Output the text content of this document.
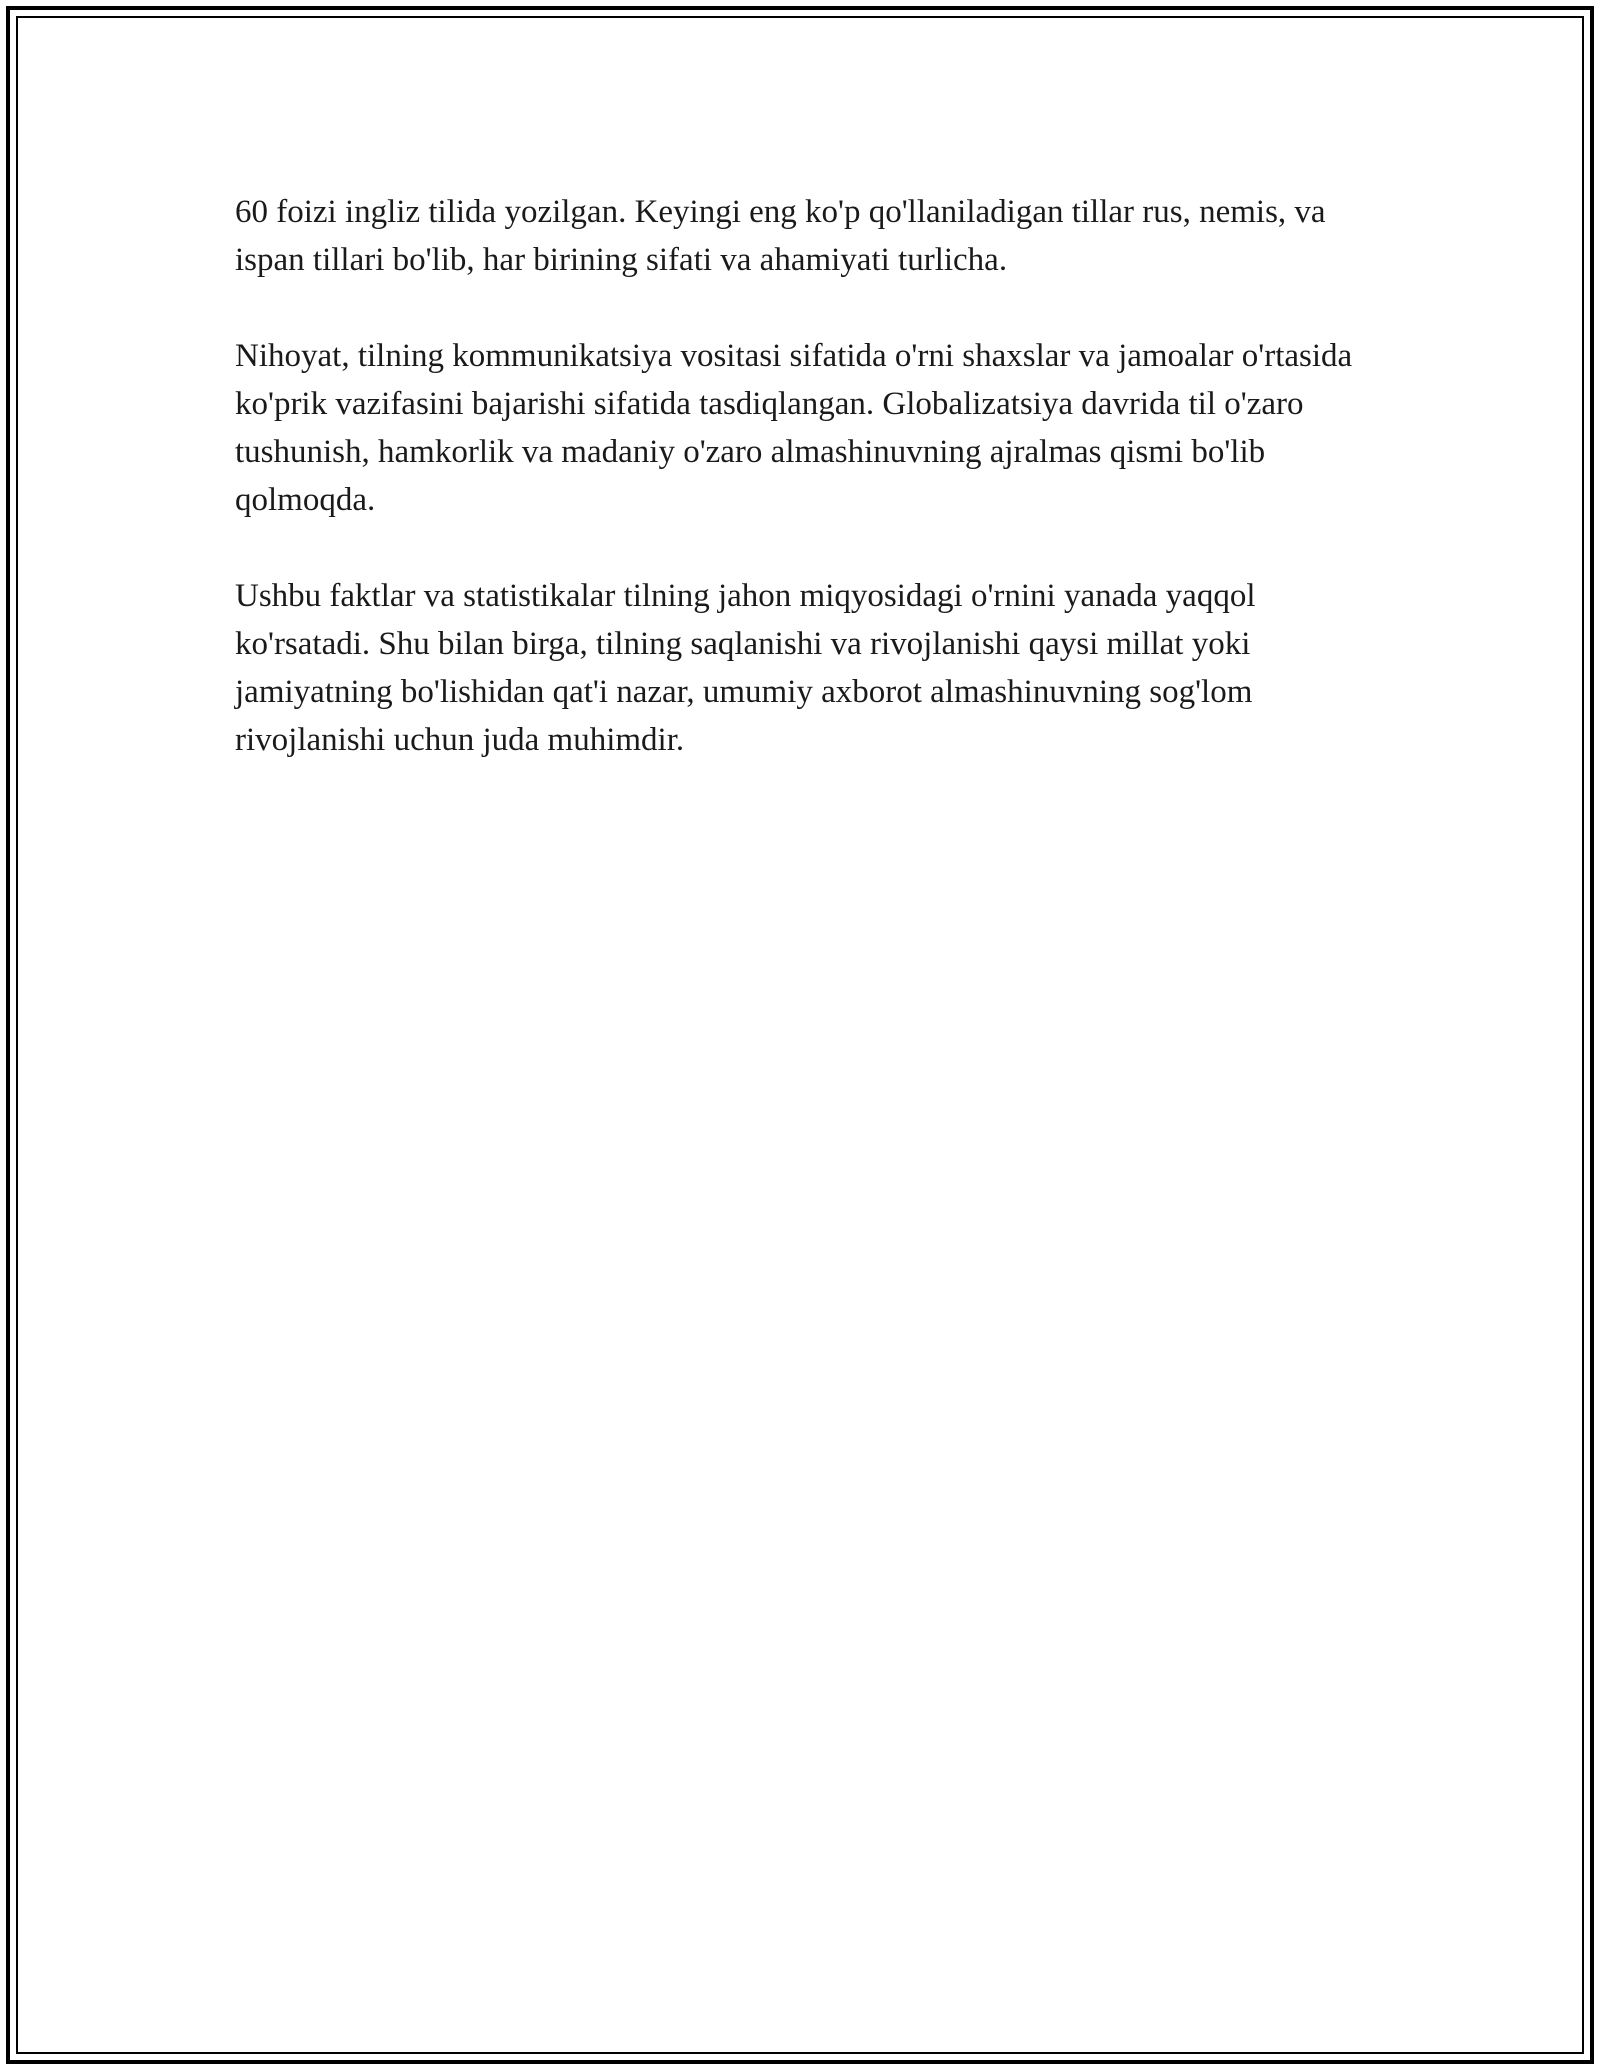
60 foizi ingliz tilida yozilgan. Keyingi eng ko'p qo'llaniladigan tillar rus, nemis, va ispan tillari bo'lib, har birining sifati va ahamiyati turlicha.

Nihoyat, tilning kommunikatsiya vositasi sifatida o'rni shaxslar va jamoalar o'rtasida ko'prik vazifasini bajarishi sifatida tasdiqlangan. Globalizatsiya davrida til o'zaro tushunish, hamkorlik va madaniy o'zaro almashinuvning ajralmas qismi bo'lib qolmoqda.

Ushbu faktlar va statistikalar tilning jahon miqyosidagi o'rnini yanada yaqqol ko'rsatadi. Shu bilan birga, tilning saqlanishi va rivojlanishi qaysi millat yoki jamiyatning bo'lishidan qat'i nazar, umumiy axborot almashinuvning sog'lom rivojlanishi uchun juda muhimdir.
